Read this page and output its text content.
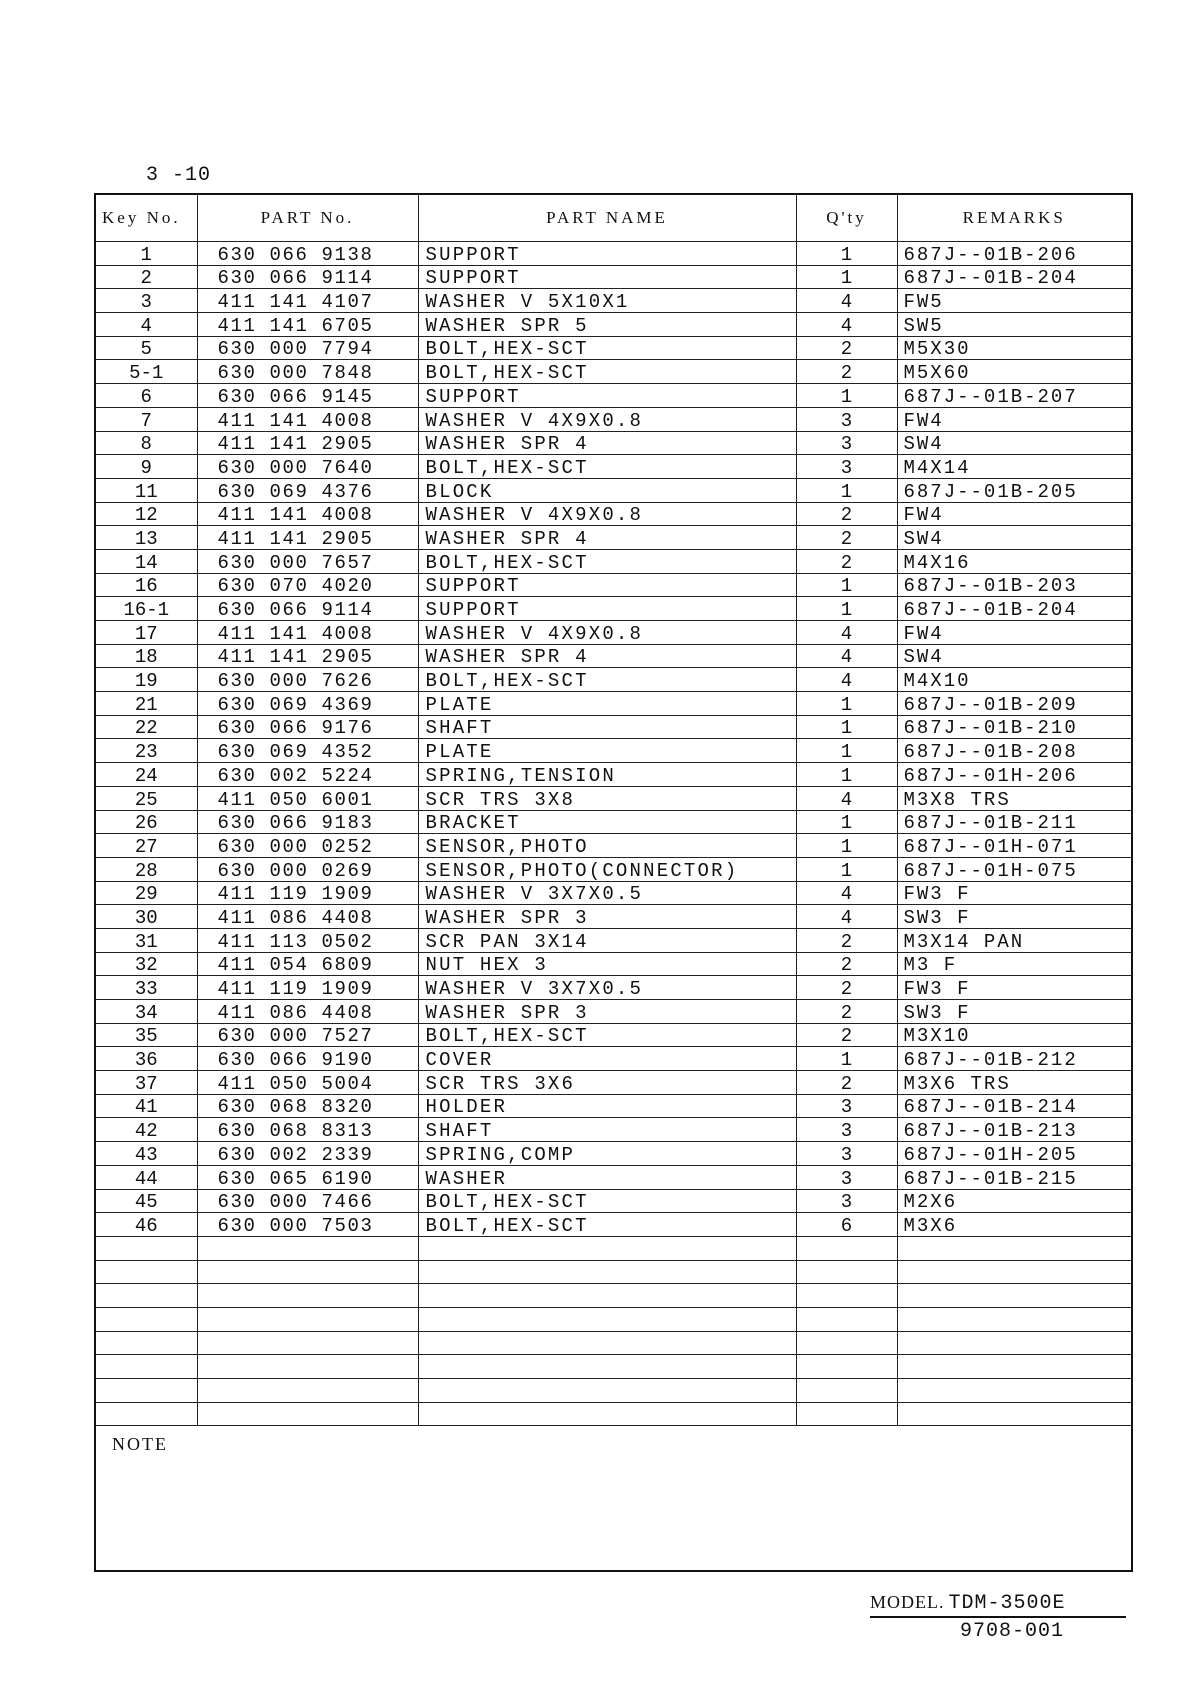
3 -10
Key No.	PART No.	PART NAME	Q'ty	REMARKS
1	630 066 9138	SUPPORT	1	687J--01B-206
2	630 066 9114	SUPPORT	1	687J--01B-204
3	411 141 4107	WASHER V 5X10X1	4	FW5
4	411 141 6705	WASHER SPR 5	4	SW5
5	630 000 7794	BOLT,HEX-SCT	2	M5X30
5-1	630 000 7848	BOLT,HEX-SCT	2	M5X60
6	630 066 9145	SUPPORT	1	687J--01B-207
7	411 141 4008	WASHER V 4X9X0.8	3	FW4
8	411 141 2905	WASHER SPR 4	3	SW4
9	630 000 7640	BOLT,HEX-SCT	3	M4X14
11	630 069 4376	BLOCK	1	687J--01B-205
12	411 141 4008	WASHER V 4X9X0.8	2	FW4
13	411 141 2905	WASHER SPR 4	2	SW4
14	630 000 7657	BOLT,HEX-SCT	2	M4X16
16	630 070 4020	SUPPORT	1	687J--01B-203
16-1	630 066 9114	SUPPORT	1	687J--01B-204
17	411 141 4008	WASHER V 4X9X0.8	4	FW4
18	411 141 2905	WASHER SPR 4	4	SW4
19	630 000 7626	BOLT,HEX-SCT	4	M4X10
21	630 069 4369	PLATE	1	687J--01B-209
22	630 066 9176	SHAFT	1	687J--01B-210
23	630 069 4352	PLATE	1	687J--01B-208
24	630 002 5224	SPRING,TENSION	1	687J--01H-206
25	411 050 6001	SCR TRS 3X8	4	M3X8 TRS
26	630 066 9183	BRACKET	1	687J--01B-211
27	630 000 0252	SENSOR,PHOTO	1	687J--01H-071
28	630 000 0269	SENSOR,PHOTO(CONNECTOR)	1	687J--01H-075
29	411 119 1909	WASHER V 3X7X0.5	4	FW3 F
30	411 086 4408	WASHER SPR 3	4	SW3 F
31	411 113 0502	SCR PAN 3X14	2	M3X14 PAN
32	411 054 6809	NUT HEX 3	2	M3 F
33	411 119 1909	WASHER V 3X7X0.5	2	FW3 F
34	411 086 4408	WASHER SPR 3	2	SW3 F
35	630 000 7527	BOLT,HEX-SCT	2	M3X10
36	630 066 9190	COVER	1	687J--01B-212
37	411 050 5004	SCR TRS 3X6	2	M3X6 TRS
41	630 068 8320	HOLDER	3	687J--01B-214
42	630 068 8313	SHAFT	3	687J--01B-213
43	630 002 2339	SPRING,COMP	3	687J--01H-205
44	630 065 6190	WASHER	3	687J--01B-215
45	630 000 7466	BOLT,HEX-SCT	3	M2X6
46	630 000 7503	BOLT,HEX-SCT	6	M3X6

NOTE				
MODEL. TDM-3500E
9708-001
